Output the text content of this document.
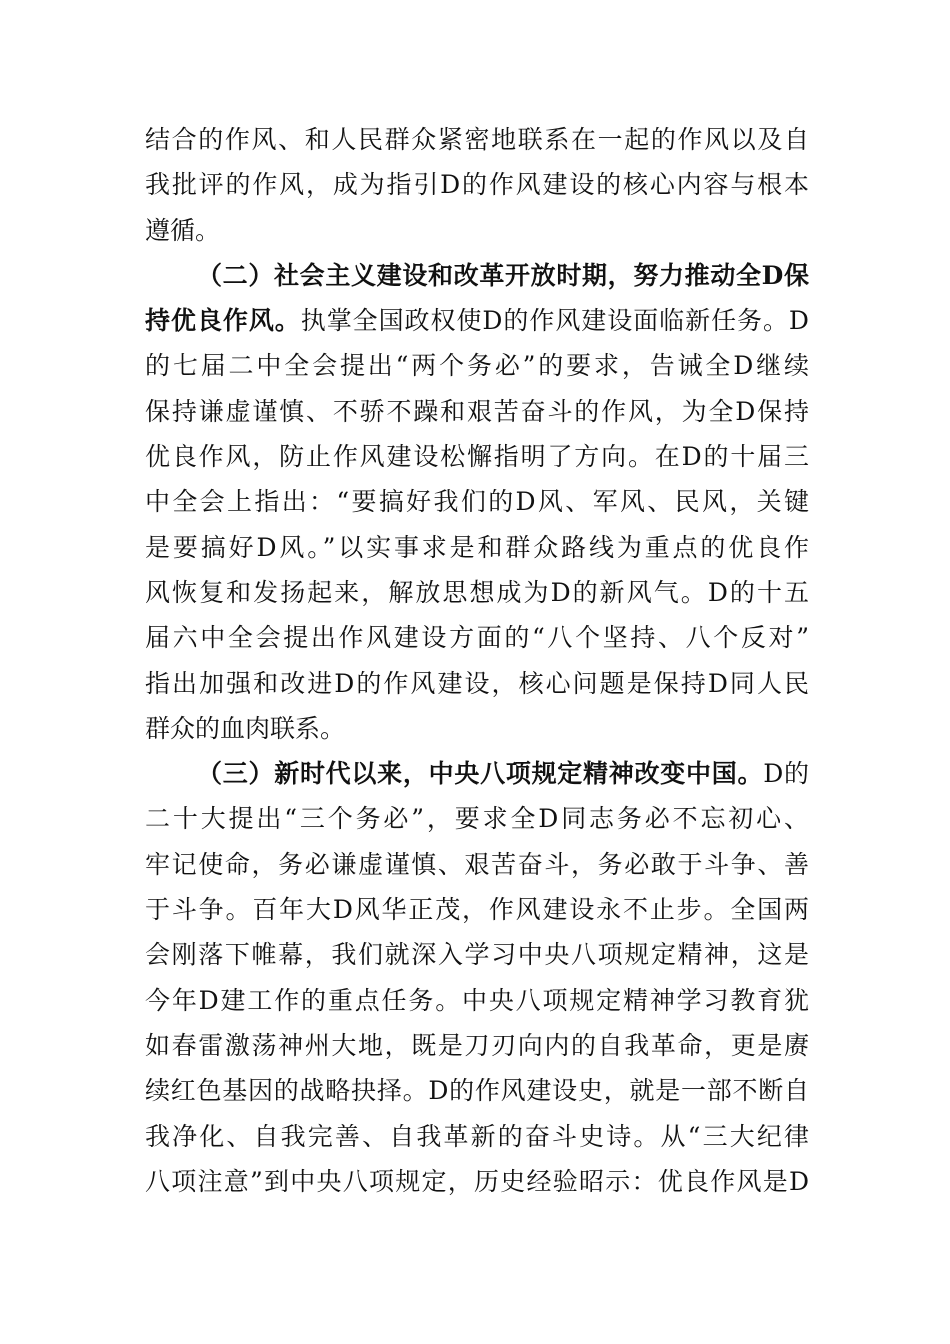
结合的作风、和人民群众紧密地联系在一起的作风以及自
我批评的作风，成为指引D的作风建设的核心内容与根本
遵循。
（二）社会主义建设和改革开放时期，努力推动全D保
持优良作风。执掌全国政权使D的作风建设面临新任务。D
的七届二中全会提出“两个务必”的要求，告诫全D继续
保持谦虚谨慎、不骄不躁和艰苦奋斗的作风，为全D保持
优良作风，防止作风建设松懈指明了方向。在D的十届三
中全会上指出：“要搞好我们的D风、军风、民风，关键
是要搞好D风。”以实事求是和群众路线为重点的优良作
风恢复和发扬起来，解放思想成为D的新风气。D的十五
届六中全会提出作风建设方面的“八个坚持、八个反对”
指出加强和改进D的作风建设，核心问题是保持D同人民
群众的血肉联系。
（三）新时代以来，中央八项规定精神改变中国。D的
二十大提出“三个务必”，要求全D同志务必不忘初心、
牢记使命，务必谦虚谨慎、艰苦奋斗，务必敢于斗争、善
于斗争。百年大D风华正茂，作风建设永不止步。全国两
会刚落下帷幕，我们就深入学习中央八项规定精神，这是
今年D建工作的重点任务。中央八项规定精神学习教育犹
如春雷激荡神州大地，既是刀刃向内的自我革命，更是赓
续红色基因的战略抉择。D的作风建设史，就是一部不断自
我净化、自我完善、自我革新的奋斗史诗。从“三大纪律
八项注意”到中央八项规定，历史经验昭示：优良作风是D
